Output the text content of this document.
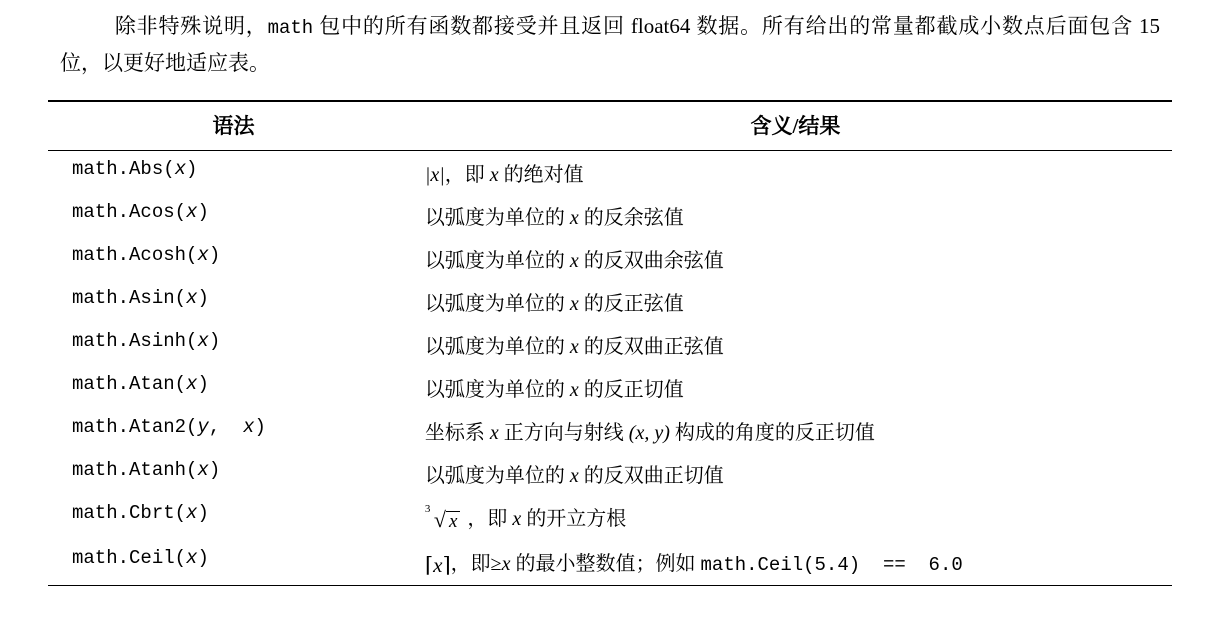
除非特殊说明，math 包中的所有函数都接受并且返回 float64 数据。所有给出的常量都截成小数点后面包含 15 位，以更好地适应表。

语法	含义/结果
math.Abs(x)	|x|，即 x 的绝对值
math.Acos(x)	以弧度为单位的 x 的反余弦值
math.Acosh(x)	以弧度为单位的 x 的反双曲余弦值
math.Asin(x)	以弧度为单位的 x 的反正弦值
math.Asinh(x)	以弧度为单位的 x 的反双曲正弦值
math.Atan(x)	以弧度为单位的 x 的反正切值
math.Atan2(y,  x)	坐标系 x 正方向与射线 (x, y) 构成的角度的反正切值
math.Atanh(x)	以弧度为单位的 x 的反双曲正切值
math.Cbrt(x)	3 √ x ，即 x 的开立方根
math.Ceil(x)	⌈x⌉，即≥x 的最小整数值；例如 math.Ceil(5.4)  ==  6.0
